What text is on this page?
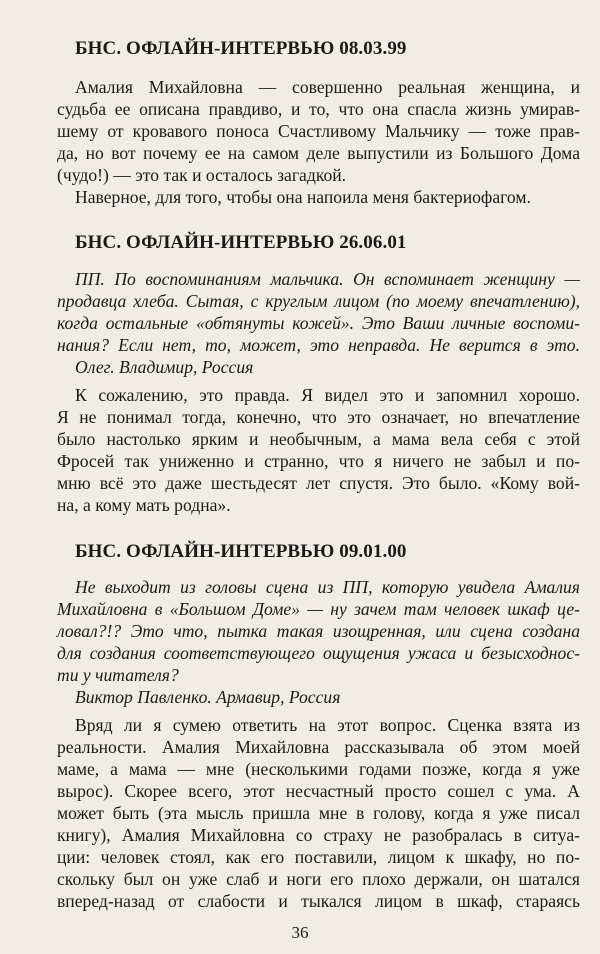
БНС. ОФЛАЙН-ИНТЕРВЬЮ 08.03.99
Амалия Михайловна — совершенно реальная женщина, и
судьба ее описана правдиво, и то, что она спасла жизнь умирав-
шему от кровавого поноса Счастливому Мальчику — тоже прав-
да, но вот почему ее на самом деле выпустили из Большого Дома
(чудо!) — это так и осталось загадкой.
Наверное, для того, чтобы она напоила меня бактериофагом.
БНС. ОФЛАЙН-ИНТЕРВЬЮ 26.06.01
ПП. По воспоминаниям мальчика. Он вспоминает женщину —
продавца хлеба. Сытая, с круглым лицом (по моему впечатлению),
когда остальные «обтянуты кожей». Это Ваши личные воспоми-
нания? Если нет, то, может, это неправда. Не верится в это.
Олег. Владимир, Россия
К сожалению, это правда. Я видел это и запомнил хорошо.
Я не понимал тогда, конечно, что это означает, но впечатление
было настолько ярким и необычным, а мама вела себя с этой
Фросей так униженно и странно, что я ничего не забыл и по-
мню всё это даже шестьдесят лет спустя. Это было. «Кому вой-
на, а кому мать родна».
БНС. ОФЛАЙН-ИНТЕРВЬЮ 09.01.00
Не выходит из головы сцена из ПП, которую увидела Амалия
Михайловна в «Большом Доме» — ну зачем там человек шкаф це-
ловал?!? Это что, пытка такая изощренная, или сцена создана
для создания соответствующего ощущения ужаса и безысходнос-
ти у читателя?
Виктор Павленко. Армавир, Россия
Вряд ли я сумею ответить на этот вопрос. Сценка взята из
реальности. Амалия Михайловна рассказывала об этом моей
маме, а мама — мне (несколькими годами позже, когда я уже
вырос). Скорее всего, этот несчастный просто сошел с ума. А
может быть (эта мысль пришла мне в голову, когда я уже писал
книгу), Амалия Михайловна со страху не разобралась в ситуа-
ции: человек стоял, как его поставили, лицом к шкафу, но по-
скольку был он уже слаб и ноги его плохо держали, он шатался
вперед-назад от слабости и тыкался лицом в шкаф, стараясь
36
